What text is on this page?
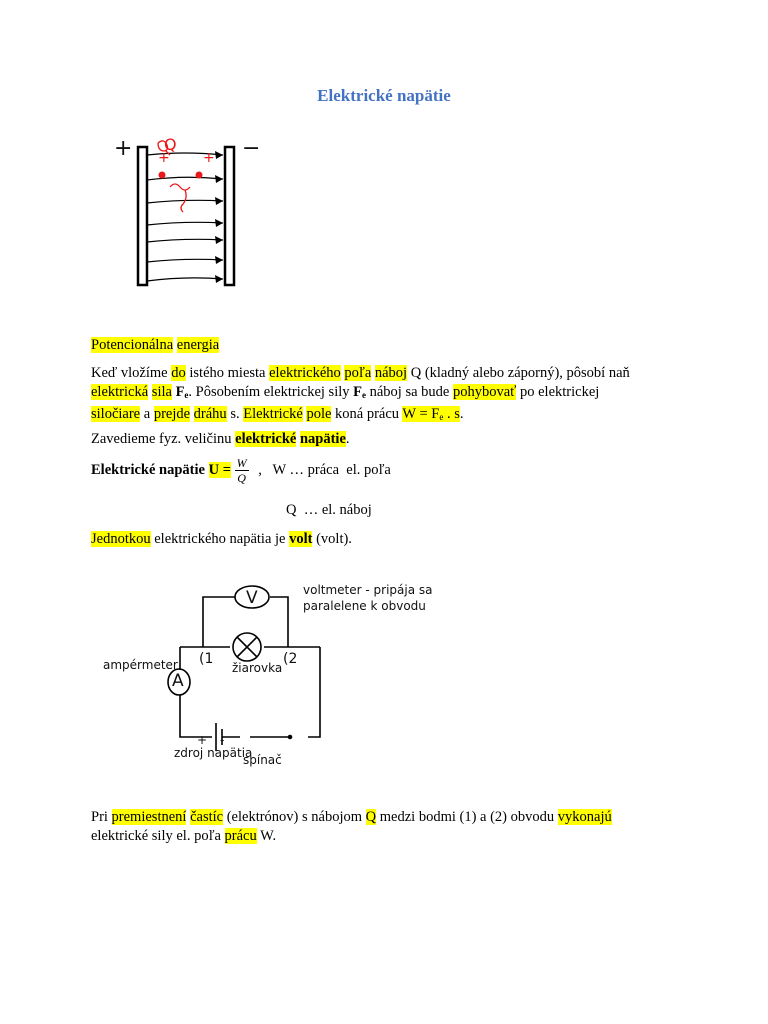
Elektrické napätie
+	−
Q
+ +
Potencionálna energia
Keď vložíme do istého miesta elektrického poľa náboj Q (kladný alebo záporný), pôsobí naň
elektrická sila $F_e$. Pôsobením elektrickej sily $F_e$ náboj sa bude pohybovať po elektrickej
siločiare a prejde dráhu s. Elektrické pole koná prácu $W = F_e$ . s.
Zavedieme fyz. veličinu elektrické napätie.
Elektrické napätie $U = \frac{W}{Q}$ ,   W … práca  el. poľa
Q  … el. náboj
Jednotkou elektrického napätia je volt (volt).
V
A
voltmeter - pripája sa
paralelene k obvodu
ampérmeter (1	(2
žiarovka
+ -
zdroj napätia
spínač
Pri premiestnení častíc (elektrónov) s nábojom Q medzi bodmi (1) a (2) obvodu vykonajú
elektrické sily el. poľa prácu W.
